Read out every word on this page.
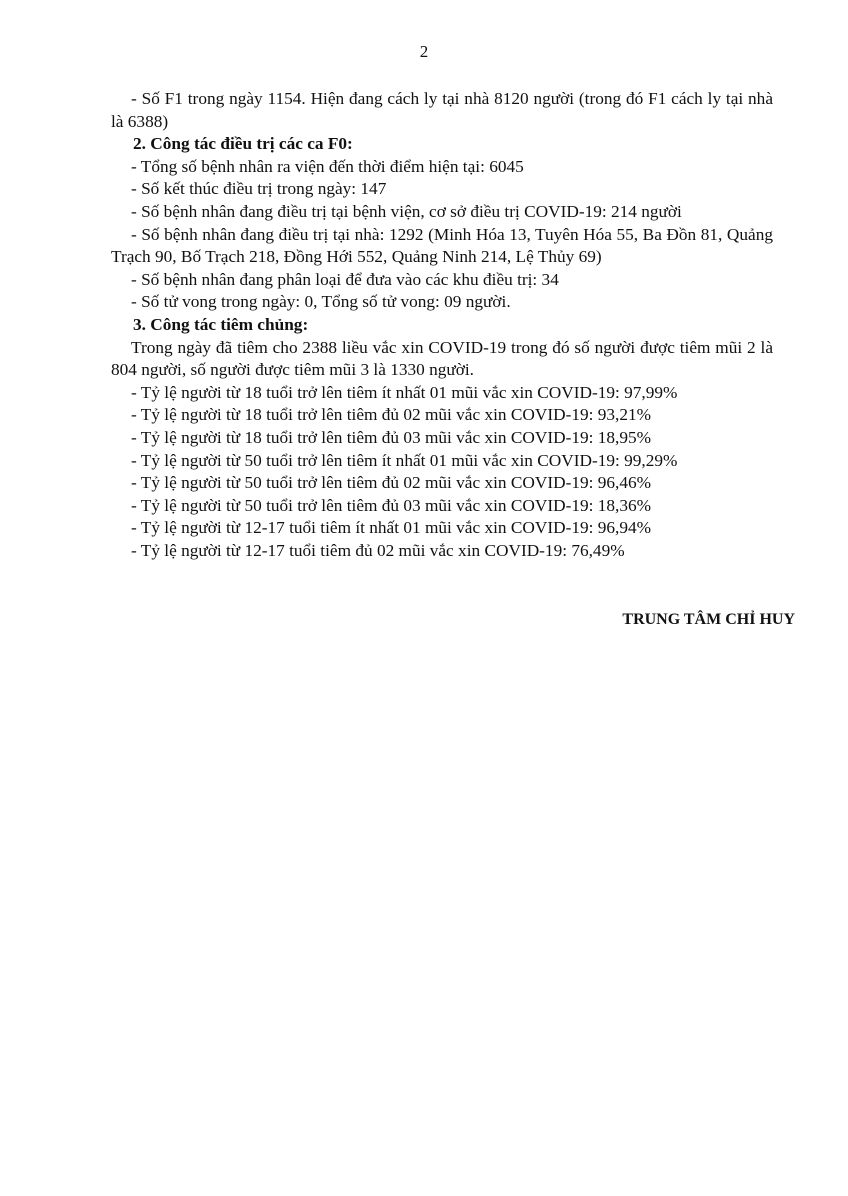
2

- Số F1 trong ngày 1154. Hiện đang cách ly tại nhà 8120 người (trong đó F1 cách ly tại nhà là 6388)

2. Công tác điều trị các ca F0:

- Tổng số bệnh nhân ra viện đến thời điểm hiện tại: 6045

- Số kết thúc điều trị trong ngày: 147

- Số bệnh nhân đang điều trị tại bệnh viện, cơ sở điều trị COVID-19: 214 người

- Số bệnh nhân đang điều trị tại nhà: 1292 (Minh Hóa 13, Tuyên Hóa 55, Ba Đồn 81, Quảng Trạch 90, Bố Trạch 218, Đồng Hới 552, Quảng Ninh 214, Lệ Thủy 69)

- Số bệnh nhân đang phân loại để đưa vào các khu điều trị: 34

- Số tử vong trong ngày: 0, Tổng số tử vong: 09 người.

3. Công tác tiêm chủng:

Trong ngày đã tiêm cho 2388 liều vắc xin COVID-19 trong đó số người được tiêm mũi 2 là 804 người, số người được tiêm mũi 3 là 1330 người.

- Tỷ lệ người từ 18 tuổi trở lên tiêm ít nhất 01 mũi vắc xin COVID-19: 97,99%

- Tỷ lệ người từ 18 tuổi trở lên tiêm đủ 02 mũi vắc xin COVID-19: 93,21%

- Tỷ lệ người từ 18 tuổi trở lên tiêm đủ 03 mũi vắc xin COVID-19: 18,95%

- Tỷ lệ người từ 50 tuổi trở lên tiêm ít nhất 01 mũi vắc xin COVID-19: 99,29%

- Tỷ lệ người từ 50 tuổi trở lên tiêm đủ 02 mũi vắc xin COVID-19: 96,46%

- Tỷ lệ người từ 50 tuổi trở lên tiêm đủ 03 mũi vắc xin COVID-19: 18,36%

- Tỷ lệ người từ 12-17 tuổi tiêm ít nhất 01 mũi vắc xin COVID-19: 96,94%

- Tỷ lệ người từ 12-17 tuổi tiêm đủ 02 mũi vắc xin COVID-19: 76,49%

TRUNG TÂM CHỈ HUY
